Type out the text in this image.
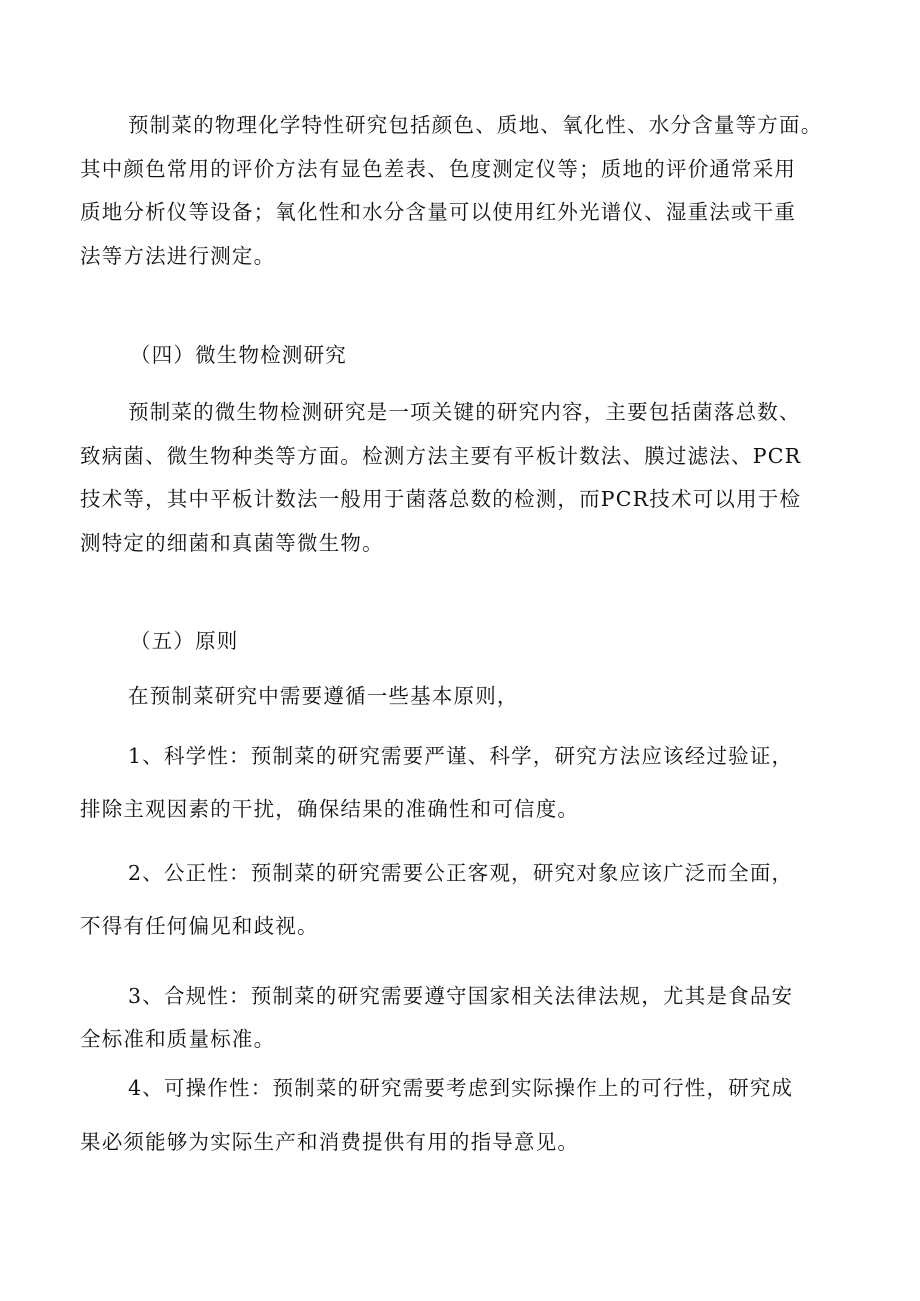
预制菜的物理化学特性研究包括颜色、质地、氧化性、水分含量等方面。
其中颜色常用的评价方法有显色差表、色度测定仪等；质地的评价通常采用
质地分析仪等设备；氧化性和水分含量可以使用红外光谱仪、湿重法或干重
法等方法进行测定。
（四）微生物检测研究
预制菜的微生物检测研究是一项关键的研究内容，主要包括菌落总数、
致病菌、微生物种类等方面。检测方法主要有平板计数法、膜过滤法、PCR
技术等，其中平板计数法一般用于菌落总数的检测，而PCR技术可以用于检
测特定的细菌和真菌等微生物。
（五）原则
在预制菜研究中需要遵循一些基本原则，
1、科学性：预制菜的研究需要严谨、科学，研究方法应该经过验证，
排除主观因素的干扰，确保结果的准确性和可信度。
2、公正性：预制菜的研究需要公正客观，研究对象应该广泛而全面，
不得有任何偏见和歧视。
3、合规性：预制菜的研究需要遵守国家相关法律法规，尤其是食品安
全标准和质量标准。
4、可操作性：预制菜的研究需要考虑到实际操作上的可行性，研究成
果必须能够为实际生产和消费提供有用的指导意见。
